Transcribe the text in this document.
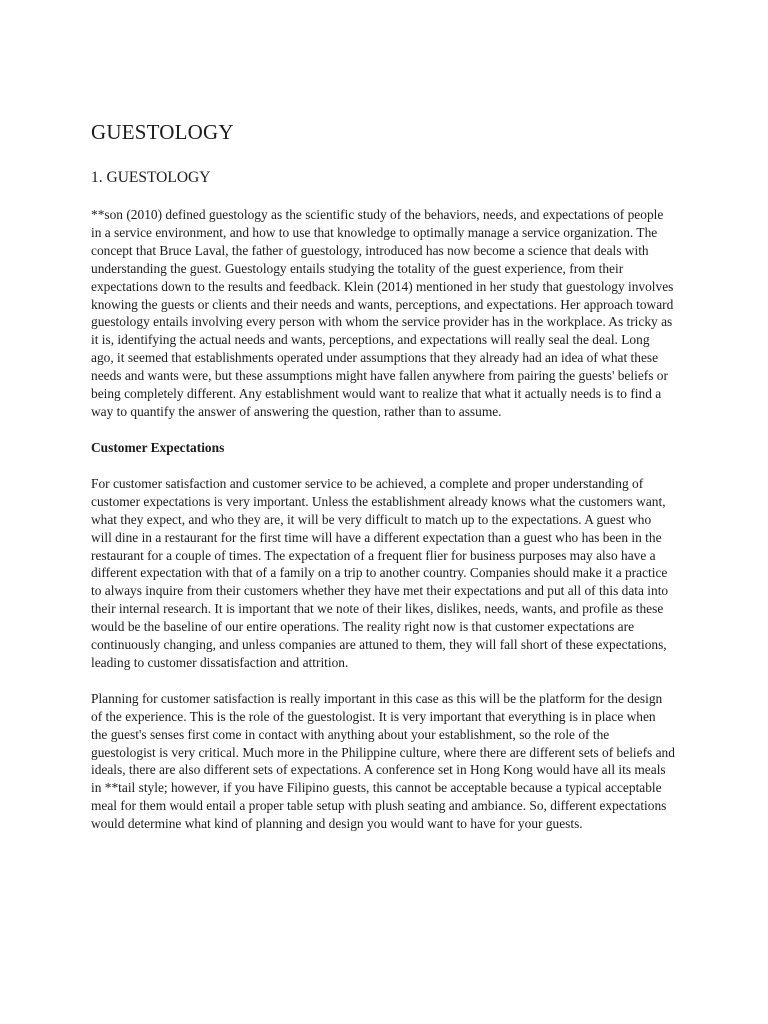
GUESTOLOGY
1. GUESTOLOGY

**son (2010) defined guestology as the scientific study of the behaviors, needs, and expectations of people in a service environment, and how to use that knowledge to optimally manage a service organization. The concept that Bruce Laval, the father of guestology, introduced has now become a science that deals with understanding the guest. Guestology entails studying the totality of the guest experience, from their expectations down to the results and feedback. Klein (2014) mentioned in her study that guestology involves knowing the guests or clients and their needs and wants, perceptions, and expectations. Her approach toward guestology entails involving every person with whom the service provider has in the workplace. As tricky as it is, identifying the actual needs and wants, perceptions, and expectations will really seal the deal. Long ago, it seemed that establishments operated under assumptions that they already had an idea of what these needs and wants were, but these assumptions might have fallen anywhere from pairing the guests' beliefs or being completely different. Any establishment would want to realize that what it actually needs is to find a way to quantify the answer of answering the question, rather than to assume.

Customer Expectations

For customer satisfaction and customer service to be achieved, a complete and proper understanding of customer expectations is very important. Unless the establishment already knows what the customers want, what they expect, and who they are, it will be very difficult to match up to the expectations. A guest who will dine in a restaurant for the first time will have a different expectation than a guest who has been in the restaurant for a couple of times. The expectation of a frequent flier for business purposes may also have a different expectation with that of a family on a trip to another country. Companies should make it a practice to always inquire from their customers whether they have met their expectations and put all of this data into their internal research. It is important that we note of their likes, dislikes, needs, wants, and profile as these would be the baseline of our entire operations. The reality right now is that customer expectations are continuously changing, and unless companies are attuned to them, they will fall short of these expectations, leading to customer dissatisfaction and attrition.

Planning for customer satisfaction is really important in this case as this will be the platform for the design of the experience. This is the role of the guestologist. It is very important that everything is in place when the guest's senses first come in contact with anything about your establishment, so the role of the guestologist is very critical. Much more in the Philippine culture, where there are different sets of beliefs and ideals, there are also different sets of expectations. A conference set in Hong Kong would have all its meals in **tail style; however, if you have Filipino guests, this cannot be acceptable because a typical acceptable meal for them would entail a proper table setup with plush seating and ambiance. So, different expectations would determine what kind of planning and design you would want to have for your guests.
